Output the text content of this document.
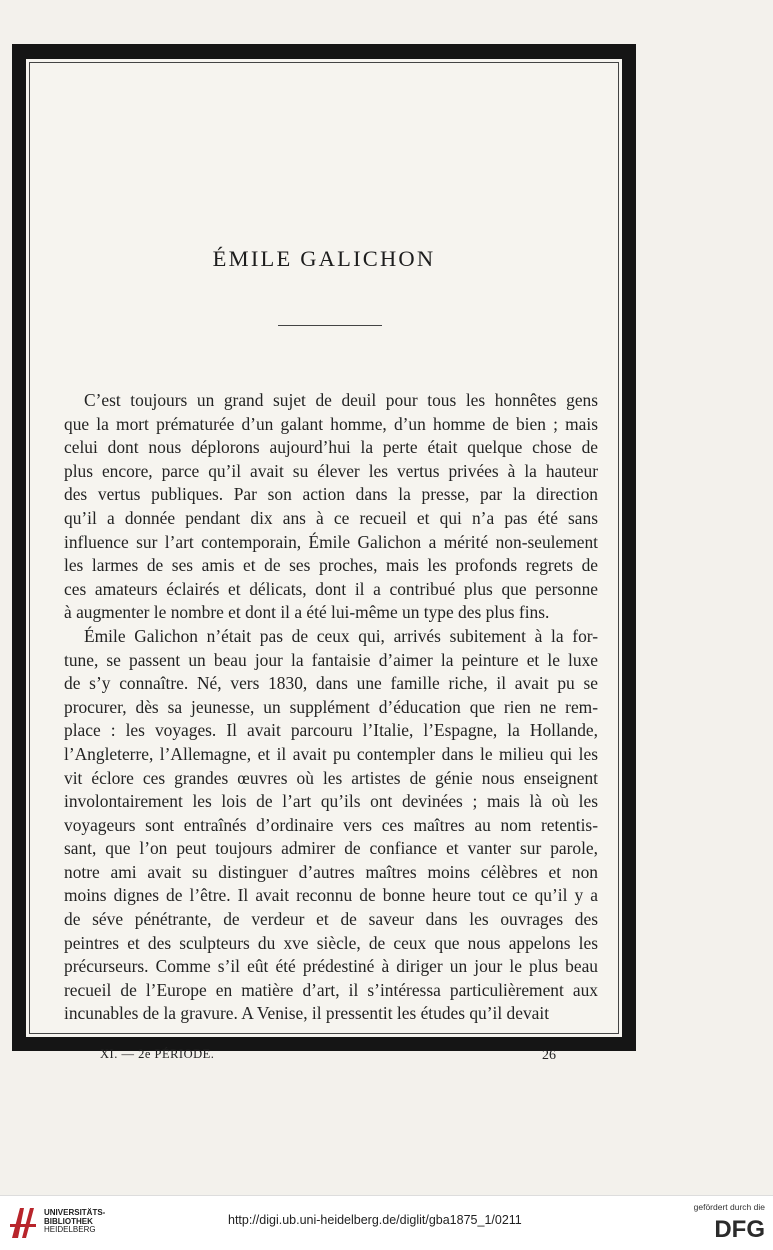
ÉMILE GALICHON
C’est toujours un grand sujet de deuil pour tous les honnêtes gens
que la mort prématurée d’un galant homme, d’un homme de bien ; mais
celui dont nous déplorons aujourd’hui la perte était quelque chose de
plus encore, parce qu’il avait su élever les vertus privées à la hauteur
des vertus publiques. Par son action dans la presse, par la direction
qu’il a donnée pendant dix ans à ce recueil et qui n’a pas été sans
influence sur l’art contemporain, Émile Galichon a mérité non-seulement
les larmes de ses amis et de ses proches, mais les profonds regrets de
ces amateurs éclairés et délicats, dont il a contribué plus que personne
à augmenter le nombre et dont il a été lui-même un type des plus fins.
Émile Galichon n’était pas de ceux qui, arrivés subitement à la for-
tune, se passent un beau jour la fantaisie d’aimer la peinture et le luxe
de s’y connaître. Né, vers 1830, dans une famille riche, il avait pu se
procurer, dès sa jeunesse, un supplément d’éducation que rien ne rem-
place : les voyages. Il avait parcouru l’Italie, l’Espagne, la Hollande,
l’Angleterre, l’Allemagne, et il avait pu contempler dans le milieu qui les
vit éclore ces grandes œuvres où les artistes de génie nous enseignent
involontairement les lois de l’art qu’ils ont devinées ; mais là où les
voyageurs sont entraînés d’ordinaire vers ces maîtres au nom retentis-
sant, que l’on peut toujours admirer de confiance et vanter sur parole,
notre ami avait su distinguer d’autres maîtres moins célèbres et non
moins dignes de l’être. Il avait reconnu de bonne heure tout ce qu’il y a
de séve pénétrante, de verdeur et de saveur dans les ouvrages des
peintres et des sculpteurs du xve siècle, de ceux que nous appelons les
précurseurs. Comme s’il eût été prédestiné à diriger un jour le plus beau
recueil de l’Europe en matière d’art, il s’intéressa particulièrement aux
incunables de la gravure. A Venise, il pressentit les études qu’il devait
XI. — 2e PÉRIODE.	26
UNIVERSITÄTS-
BIBLIOTHEK
HEIDELBERG
http://digi.ub.uni-heidelberg.de/diglit/gba1875_1/0211
gefördert durch die
DFG
